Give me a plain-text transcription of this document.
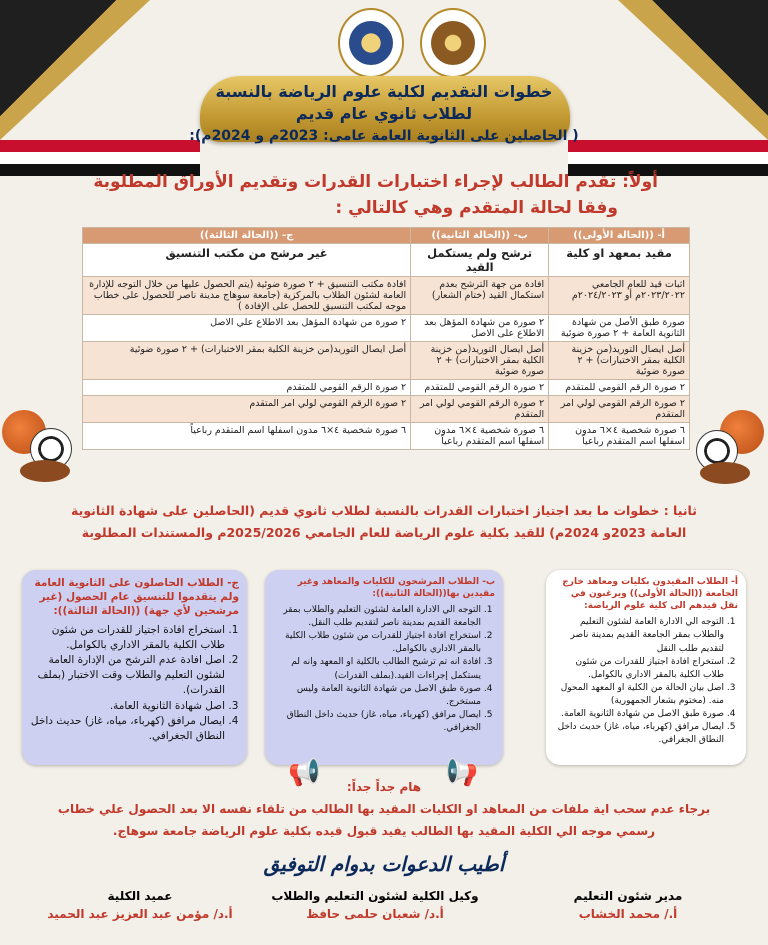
خطوات التقديم لكلية علوم الرياضة بالنسبة
لطلاب ثانوي عام قديم
( الحاصلين على الثانوية العامة عامى: 2023م و 2024م):
أولاً: تقدم الطالب لإجراء اختبارات القدرات وتقديم الأوراق المطلوبة
وفقا لحالة المتقدم وهي كالتالي :
أ- ((الحالة الأولى))	ب- ((الحالة الثانية))	ج- ((الحالة الثالثة))
مقيد بمعهد او كلية	ترشح ولم يستكمل القيد	غير مرشح من مكتب التنسيق
اثبات قيد للعام الجامعي ٢٠٢٣/٢٠٢٢م أو ٢٠٢٤/٢٠٢٣م	افادة من جهة الترشح بعدم استكمال القيد (ختام الشعار)	افادة مكتب التنسيق + ٢ صورة ضوئية (يتم الحصول عليها من خلال التوجه للإدارة العامة لشئون الطلاب بالمركزية (جامعة سوهاج مدينة ناصر للحصول على خطاب موجه لمكتب التنسيق للحصل على الإفادة )
صورة طبق الأصل من شهادة الثانوية العامة + ٢ صورة ضوئية	٢ صورة من شهادة المؤهل بعد الاطلاع على الاصل	٢ صورة من شهادة المؤهل بعد الاطلاع علي الاصل
أصل ايصال التوريد(من خزينة الكلية بمقر الاختبارات) + ٢ صورة ضوئية	أصل ايصال التوريد(من خزينة الكلية بمقر الاختبارات) + ٢ صورة ضوئية	أصل ايصال التوريد(من خزينة الكلية بمقر الاختبارات) + ٢ صورة ضوئية
٢ صورة الرقم القومي للمتقدم	٢ صورة الرقم القومي للمتقدم	٢ صورة الرقم القومي للمتقدم
٢ صورة الرقم القومي لولي امر المتقدم	٢ صورة الرقم القومي لولي امر المتقدم	٢ صورة الرقم القومي لولي امر المتقدم
٦ صورة شخصية ٤×٦ مدون اسفلها اسم المتقدم رباعياً	٦ صورة شخصية ٤×٦ مدون اسفلها اسم المتقدم رباعياً	٦ صورة شخصية ٤×٦ مدون اسفلها اسم المتقدم رباعياً
ثانيا : خطوات ما بعد اجتياز اختبارات القدرات بالنسبة لطلاب ثانوي قديم (الحاصلين على شهادة الثانوية
العامة 2023و 2024م) للقيد بكلية علوم الرياضة للعام الجامعي 2025/2026م والمستندات المطلوبة
أ- الطلاب المقيدون بكليات ومعاهد خارج الجامعة ((الحالة الأولى)) ويرغبون في نقل قيدهم الى كلية علوم الرياضة:
1. التوجه الي الادارة العامة لشئون التعليم والطلاب بمقر الجامعة القديم بمدينة ناصر لتقديم طلب النقل
2. استخراج افادة اجتياز للقدرات من شئون طلاب الكلية بالمقر الاداري بالكوامل.
3. اصل بيان الحالة من الكلية او المعهد المحول منه. (مختوم بشعار الجمهورية)
4. صورة طبق الاصل من شهادة الثانوية العامة.
5. ايصال مرافق (كهرباء، مياه، غاز) حديث داخل النطاق الجغرافي.
ب- الطلاب المرشحون للكليات والمعاهد وغير مقيدين بها((الحالة الثانية)):
1. التوجه الي الادارة العامة لشئون التعليم والطلاب بمقر الجامعة القديم بمدينة ناصر لتقديم طلب النقل.
2. استخراج افادة اجتياز للقدرات من شئون طلاب الكلية بالمقر الاداري بالكوامل.
3. افادة انه تم ترشيح الطالب بالكلية او المعهد وانه لم يستكمل إجراءات القيد.(بملف القدرات)
4. صورة طبق الاصل من شهادة الثانوية العامة وليس مستخرج.
5. ايصال مرافق (كهرباء، مياه، غاز) حديث داخل النطاق الجغرافي.
ج- الطلاب الحاصلون على الثانوية العامة ولم يتقدموا للتنسيق عام الحصول (غير مرشحين لأي جهة) ((الحالة الثالثة)):
1. استخراج افادة اجتياز للقدرات من شئون طلاب الكلية بالمقر الاداري بالكوامل.
2. اصل افادة عدم الترشح من الإدارة العامة لشئون التعليم والطلاب وقت الاختبار (بملف القدرات).
3. اصل شهادة الثانوية العامة.
4. ايصال مرافق (كهرباء، مياه، غاز) حديث داخل النطاق الجغرافي.
📢	📢
هام جداً جداً:
برجاء عدم سحب اية ملفات من المعاهد او الكليات المقيد بها الطالب من تلقاء نفسه الا بعد الحصول علي خطاب
رسمي موجه الي الكلية المقيد بها الطالب يفيد قبول قيده بكلية علوم الرياضة جامعة سوهاج.
أطيب الدعوات بدوام التوفيق
مدير شئون التعليم
أ./ محمد الخشاب
وكيل الكلية لشئون التعليم والطلاب
أ.د/ شعبان حلمى حافظ
عميد الكلية
أ.د/ مؤمن عبد العزيز عبد الحميد
